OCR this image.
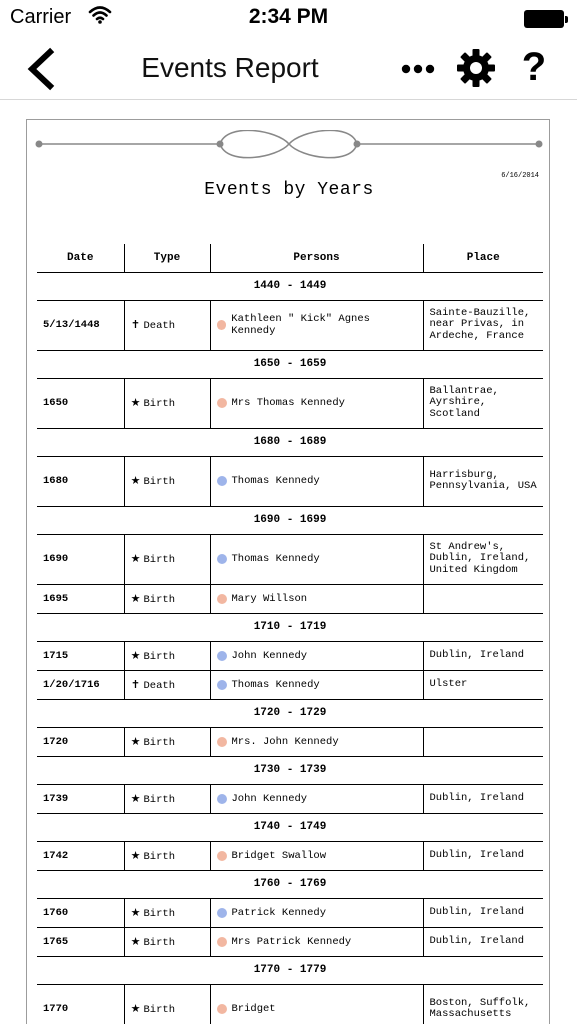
Carrier	2:34 PM
Events Report	?
6/16/2014
Events by Years
Date	Type	Persons	Place
1440 - 1449			
5/13/1448	✝ Death	Kathleen " Kick" Agnes Kennedy	Sainte-Bauzille, near Privas, in Ardeche, France
1650 - 1659			
1650	★ Birth	Mrs Thomas Kennedy	Ballantrae, Ayrshire, Scotland
1680 - 1689			
1680	★ Birth	Thomas Kennedy	Harrisburg, Pennsylvania, USA
1690 - 1699			
1690	★ Birth	Thomas Kennedy	St Andrew's, Dublin, Ireland, United Kingdom
1695	★ Birth	Mary Willson	

1710 - 1719			
1715	★ Birth	John Kennedy	Dublin, Ireland
1/20/1716	✝ Death	Thomas Kennedy	Ulster
1720 - 1729			
1720	★ Birth	Mrs. John Kennedy	

1730 - 1739			
1739	★ Birth	John Kennedy	Dublin, Ireland
1740 - 1749			
1742	★ Birth	Bridget Swallow	Dublin, Ireland
1760 - 1769			
1760	★ Birth	Patrick Kennedy	Dublin, Ireland
1765	★ Birth	Mrs Patrick Kennedy	Dublin, Ireland
1770 - 1779			
1770	★ Birth	Bridget	Boston, Suffolk, Massachusetts
